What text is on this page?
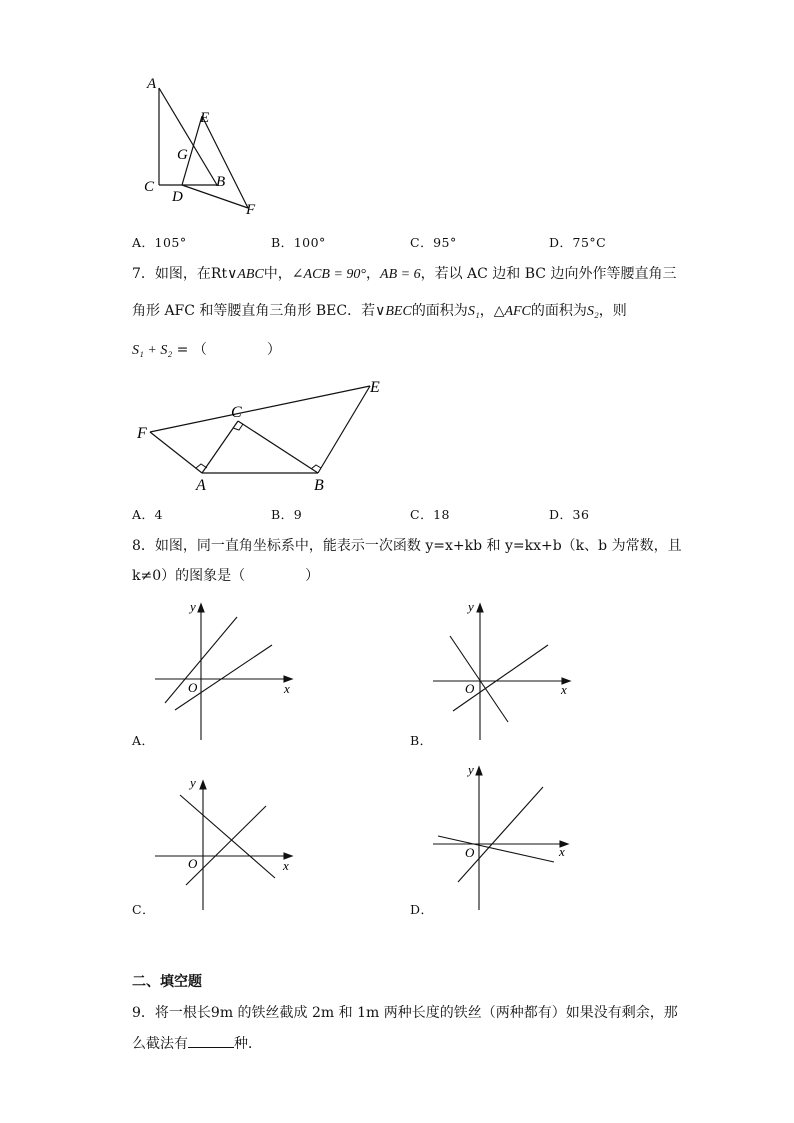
A
E
G
C	B
D
F
A．105°	B．100°	C．95°	D．75°C
7．如图，在Rt∨ABC中，∠ACB = 90°，AB = 6，若以 AC 边和 BC 边向外作等腰直角三
角形 AFC 和等腰直角三角形 BEC．若∨BEC的面积为S₁，△AFC的面积为S₂，则
S₁ + S₂ = （	）
E
C
F
A	B
A．4	B．9	C．18	D．36
8．如图，同一直角坐标系中，能表示一次函数 y=x+kb 和 y=kx+b（k、b 为常数，且
k≠0）的图象是（	）
y
x
O
A．
y
x
O
B．
y
x
O
C．
y
x
O
D．
二、填空题
9．将一根长9m 的铁丝截成 2m 和 1m 两种长度的铁丝（两种都有）如果没有剩余，那
么截法有	种．
